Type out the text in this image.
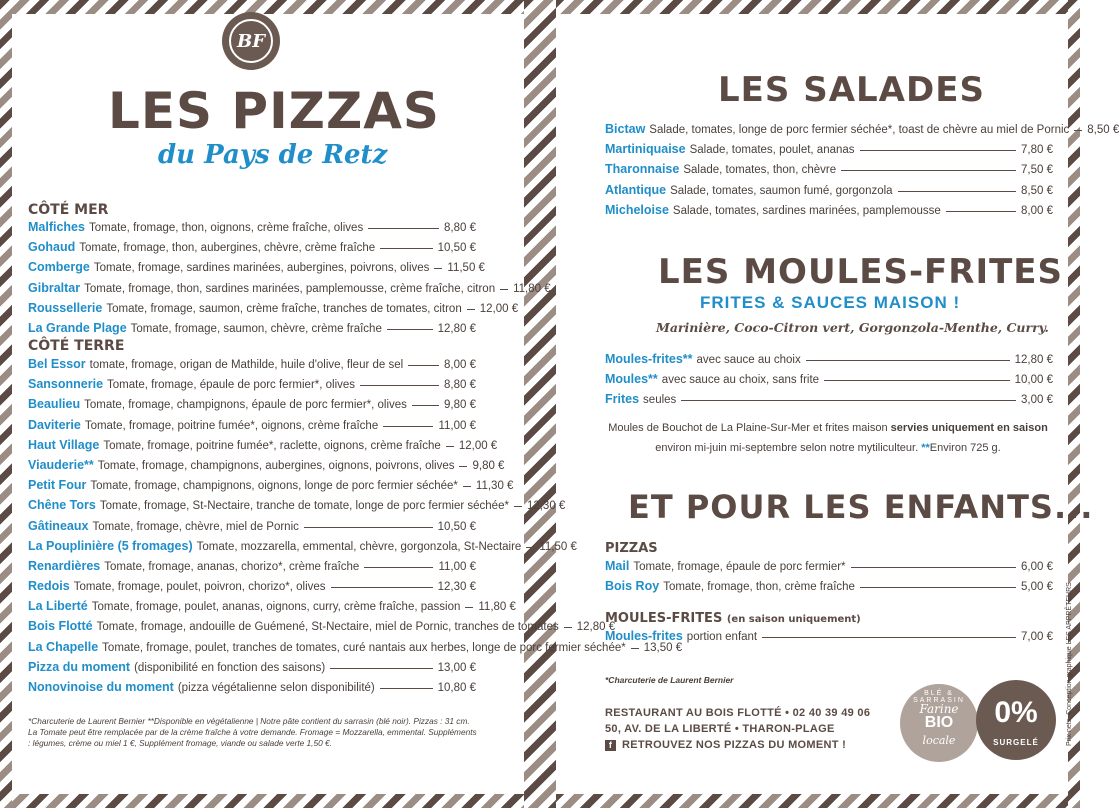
BF
LES PIZZAS
du Pays de Retz
CÔTÉ MER
Malfiches Tomate, fromage, thon, oignons, crème fraîche, olives	8,80 €
Gohaud Tomate, fromage, thon, aubergines, chèvre, crème fraîche	10,50 €
Comberge Tomate, fromage, sardines marinées, aubergines, poivrons, olives 11,50 €
Gibraltar Tomate, fromage, thon, sardines marinées, pamplemousse, crème fraîche, citron 11,80 €
Roussellerie Tomate, fromage, saumon, crème fraîche, tranches de tomates, citron 12,00 €
La Grande Plage Tomate, fromage, saumon, chèvre, crème fraîche	12,80 €
CÔTÉ TERRE
Bel Essor tomate, fromage, origan de Mathilde, huile d'olive, fleur de sel	8,00 €
Sansonnerie Tomate, fromage, épaule de porc fermier*, olives	8,80 €
Beaulieu Tomate, fromage, champignons, épaule de porc fermier*, olives	9,80 €
Daviterie Tomate, fromage, poitrine fumée*, oignons, crème fraîche	11,00 €
Haut Village Tomate, fromage, poitrine fumée*, raclette, oignons, crème fraîche 12,00 €
Viauderie** Tomate, fromage, champignons, aubergines, oignons, poivrons, olives 9,80 €
Petit Four Tomate, fromage, champignons, oignons, longe de porc fermier séchée* 11,30 €
Chêne Tors Tomate, fromage, St-Nectaire, tranche de tomate, longe de porc fermier séchée* 12,30 €
Gâtineaux Tomate, fromage, chèvre, miel de Pornic	10,50 €
La Pouplinière (5 fromages) Tomate, mozzarella, emmental, chèvre, gorgonzola, St-Nectaire 11,50 €
Renardières Tomate, fromage, ananas, chorizo*, crème fraîche	11,00 €
Redois Tomate, fromage, poulet, poivron, chorizo*, olives	12,30 €
La Liberté Tomate, fromage, poulet, ananas, oignons, curry, crème fraîche, passion 11,80 €
Bois Flotté Tomate, fromage, andouille de Guémené, St-Nectaire, miel de Pornic, tranches de tomates 12,80 €
La Chapelle Tomate, fromage, poulet, tranches de tomates, curé nantais aux herbes, longe de porc fermier séchée* 13,50 €
Pizza du moment (disponibilité en fonction des saisons)	13,00 €
Nonovinoise du moment (pizza végétalienne selon disponibilité)	10,80 €
*Charcuterie de Laurent Bernier **Disponible en végétalienne | Notre pâte contient du sarrasin (blé noir). Pizzas : 31 cm. La Tomate peut être remplacée par de la crème fraîche à votre demande. Fromage = Mozzarella, emmental. Suppléments : légumes, crème ou miel 1 €, Supplément fromage, viande ou salade verte 1,50 €.
LES SALADES
Bictaw Salade, tomates, longe de porc fermier séchée*, toast de chèvre au miel de Pornic 8,50 €
Martiniquaise Salade, tomates, poulet, ananas	7,80 €
Tharonnaise Salade, tomates, thon, chèvre	7,50 €
Atlantique Salade, tomates, saumon fumé, gorgonzola	8,50 €
Micheloise Salade, tomates, sardines marinées, pamplemousse	8,00 €
LES MOULES-FRITES
FRITES & SAUCES MAISON !
Marinière, Coco-Citron vert, Gorgonzola-Menthe, Curry.
Moules-frites** avec sauce au choix	12,80 €
Moules** avec sauce au choix, sans frite	10,00 €
Frites seules	3,00 €
Moules de Bouchot de La Plaine-Sur-Mer et frites maison servies uniquement en saison environ mi-juin mi-septembre selon notre mytiliculteur. **Environ 725 g.
ET POUR LES ENFANTS...
PIZZAS
Mail Tomate, fromage, épaule de porc fermier*	6,00 €
Bois Roy Tomate, fromage, thon, crème fraîche	5,00 €
MOULES-FRITES (en saison uniquement)
Moules-frites portion enfant	7,00 €
*Charcuterie de Laurent Bernier
RESTAURANT AU BOIS FLOTTÉ • 02 40 39 49 06
50, AV. DE LA LIBERTÉ • THARON-PLAGE
f RETROUVEZ NOS PIZZAS DU MOMENT !
BLÉ & SARRASIN
Farine
BIO
locale
0%
SURGELÉ	Prix nets. Conception graphique LES APPRÊTEURS
